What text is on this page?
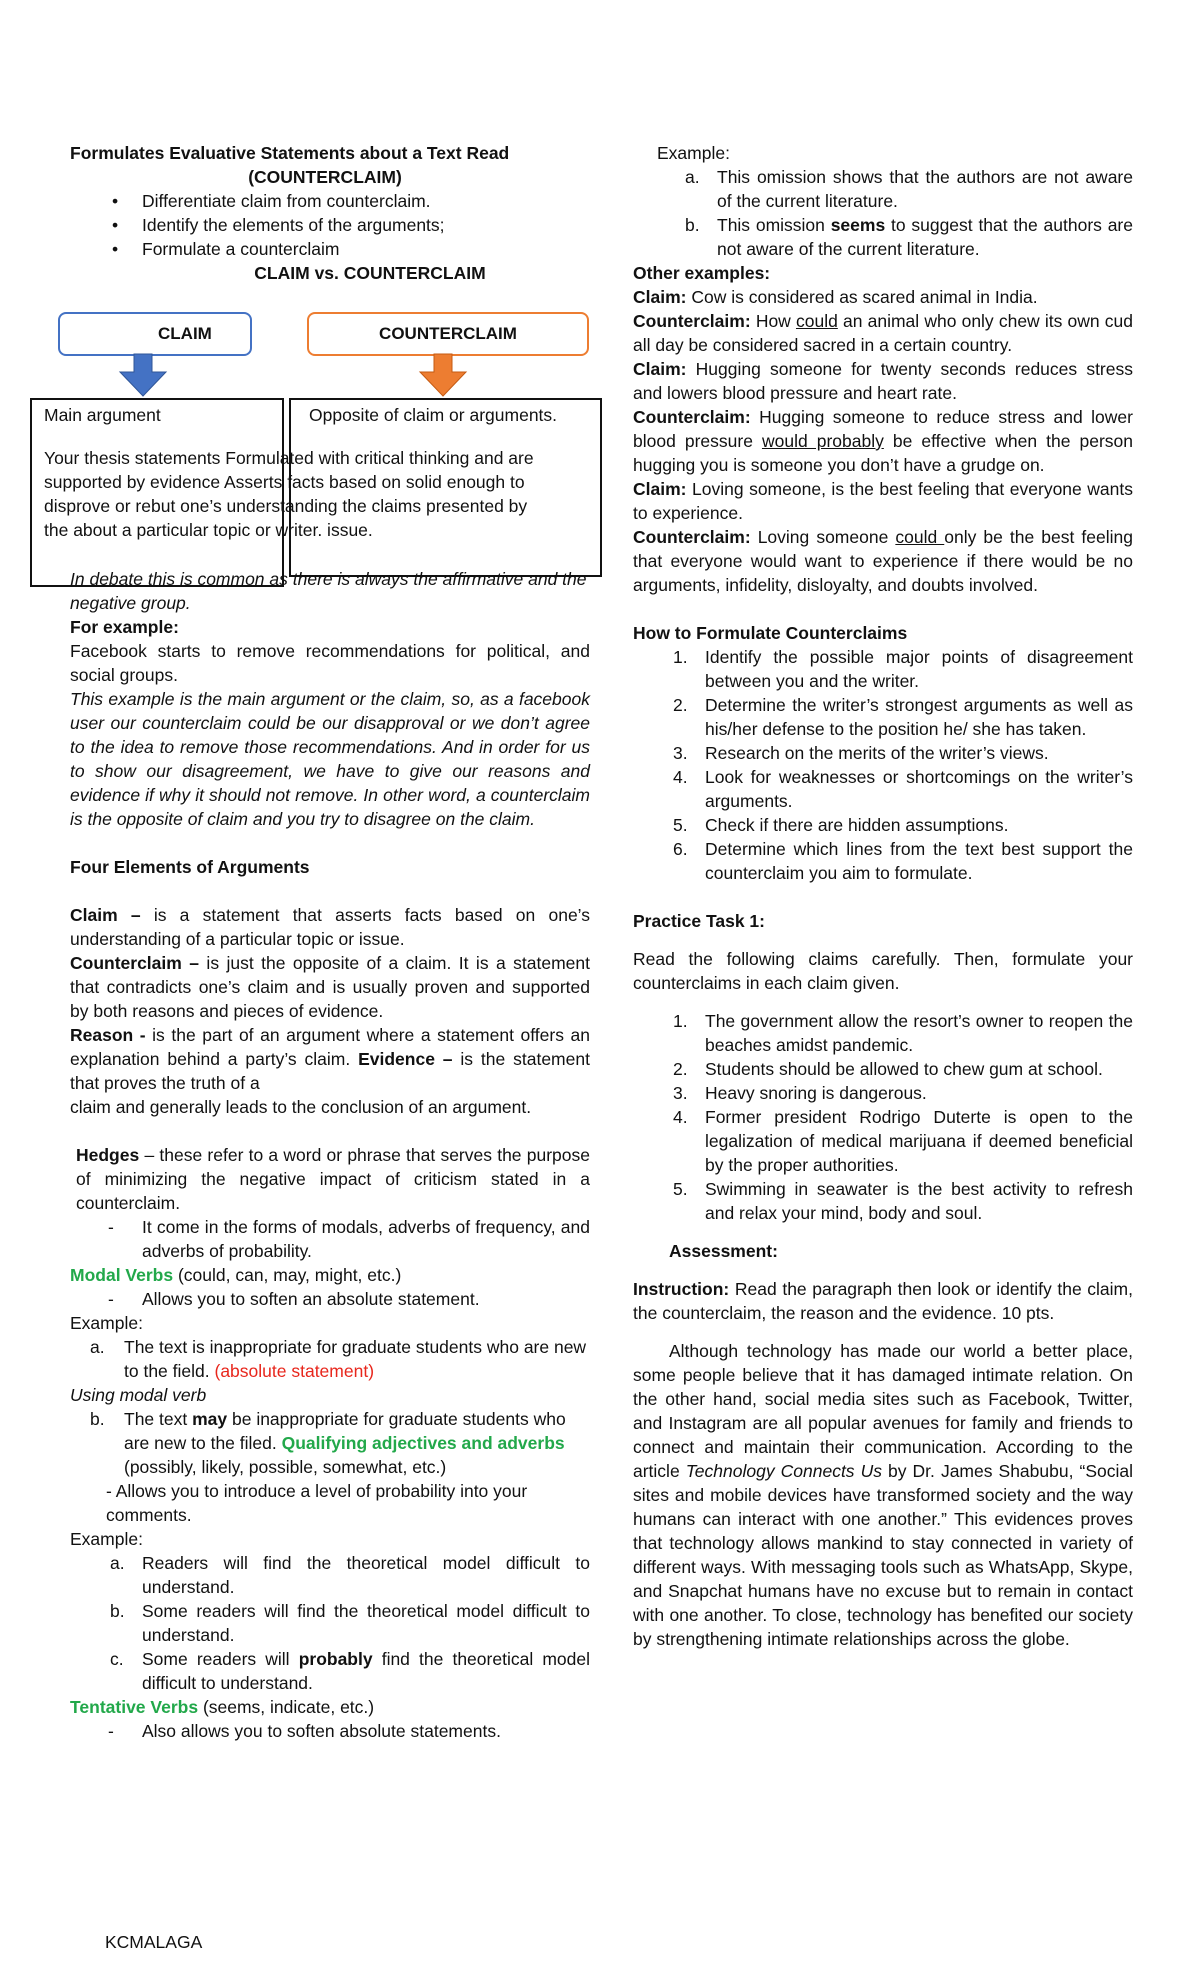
Formulates Evaluative Statements about a Text Read

(COUNTERCLAIM)

• Differentiate claim from counterclaim.
• Identify the elements of the arguments;
• Formulate a counterclaim

CLAIM vs. COUNTERCLAIM

CLAIM	COUNTERCLAIM
Main argument	Opposite of claim or arguments.
Your thesis statements Formulated with critical thinking and are
supported by evidence Asserts facts based on solid enough to
disprove or rebut one’s understanding the claims presented by
the about a particular topic or writer. issue.

In debate this is common as there is always the affirmative and the negative group.

For example:

Facebook starts to remove recommendations for political, and social groups.

This example is the main argument or the claim, so, as a facebook user our counterclaim could be our disapproval or we don’t agree to the idea to remove those recommendations. And in order for us to show our disagreement, we have to give our reasons and evidence if why it should not remove. In other word, a counterclaim is the opposite of claim and you try to disagree on the claim.

Four Elements of Arguments

Claim – is a statement that asserts facts based on one’s understanding of a particular topic or issue.

Counterclaim – is just the opposite of a claim. It is a statement that contradicts one’s claim and is usually proven and supported by both reasons and pieces of evidence.

Reason - is the part of an argument where a statement offers an explanation behind a party’s claim. Evidence – is the statement that proves the truth of a

claim and generally leads to the conclusion of an argument.

Hedges – these refer to a word or phrase that serves the purpose of minimizing the negative impact of criticism stated in a counterclaim.

- It come in the forms of modals, adverbs of frequency, and adverbs of probability.

Modal Verbs (could, can, may, might, etc.)

- Allows you to soften an absolute statement.

Example:

a. The text is inappropriate for graduate students who are new to the field. (absolute statement)

Using modal verb

b. The text may be inappropriate for graduate students who are new to the filed. Qualifying adjectives and adverbs (possibly, likely, possible, somewhat, etc.)

- Allows you to introduce a level of probability into your comments.

Example:

a. Readers will find the theoretical model difficult to understand.
b. Some readers will find the theoretical model difficult to understand.
c. Some readers will probably find the theoretical model difficult to understand.

Tentative Verbs (seems, indicate, etc.)

- Also allows you to soften absolute statements.

Example:

a. This omission shows that the authors are not aware of the current literature.
b. This omission seems to suggest that the authors are not aware of the current literature.

Other examples:

Claim: Cow is considered as scared animal in India.

Counterclaim: How could an animal who only chew its own cud all day be considered sacred in a certain country.

Claim: Hugging someone for twenty seconds reduces stress and lowers blood pressure and heart rate.

Counterclaim: Hugging someone to reduce stress and lower blood pressure would probably be effective when the person hugging you is someone you don’t have a grudge on.

Claim: Loving someone, is the best feeling that everyone wants to experience.

Counterclaim: Loving someone could only be the best feeling that everyone would want to experience if there would be no arguments, infidelity, disloyalty, and doubts involved.

How to Formulate Counterclaims

1. Identify the possible major points of disagreement between you and the writer.
2. Determine the writer’s strongest arguments as well as his/her defense to the position he/ she has taken.
3. Research on the merits of the writer’s views.
4. Look for weaknesses or shortcomings on the writer’s arguments.
5. Check if there are hidden assumptions.
6. Determine which lines from the text best support the counterclaim you aim to formulate.

Practice Task 1:

Read the following claims carefully. Then, formulate your counterclaims in each claim given.

1. The government allow the resort’s owner to reopen the beaches amidst pandemic.
2. Students should be allowed to chew gum at school.
3. Heavy snoring is dangerous.
4. Former president Rodrigo Duterte is open to the legalization of medical marijuana if deemed beneficial by the proper authorities.
5. Swimming in seawater is the best activity to refresh and relax your mind, body and soul.

Assessment:

Instruction: Read the paragraph then look or identify the claim, the counterclaim, the reason and the evidence. 10 pts.

Although technology has made our world a better place, some people believe that it has damaged intimate relation. On the other hand, social media sites such as Facebook, Twitter, and Instagram are all popular avenues for family and friends to connect and maintain their communication. According to the article Technology Connects Us by Dr. James Shabubu, “Social sites and mobile devices have transformed society and the way humans can interact with one another.” This evidences proves that technology allows mankind to stay connected in variety of different ways. With messaging tools such as WhatsApp, Skype, and Snapchat humans have no excuse but to remain in contact with one another. To close, technology has benefited our society by strengthening intimate relationships across the globe.

KCMALAGA
